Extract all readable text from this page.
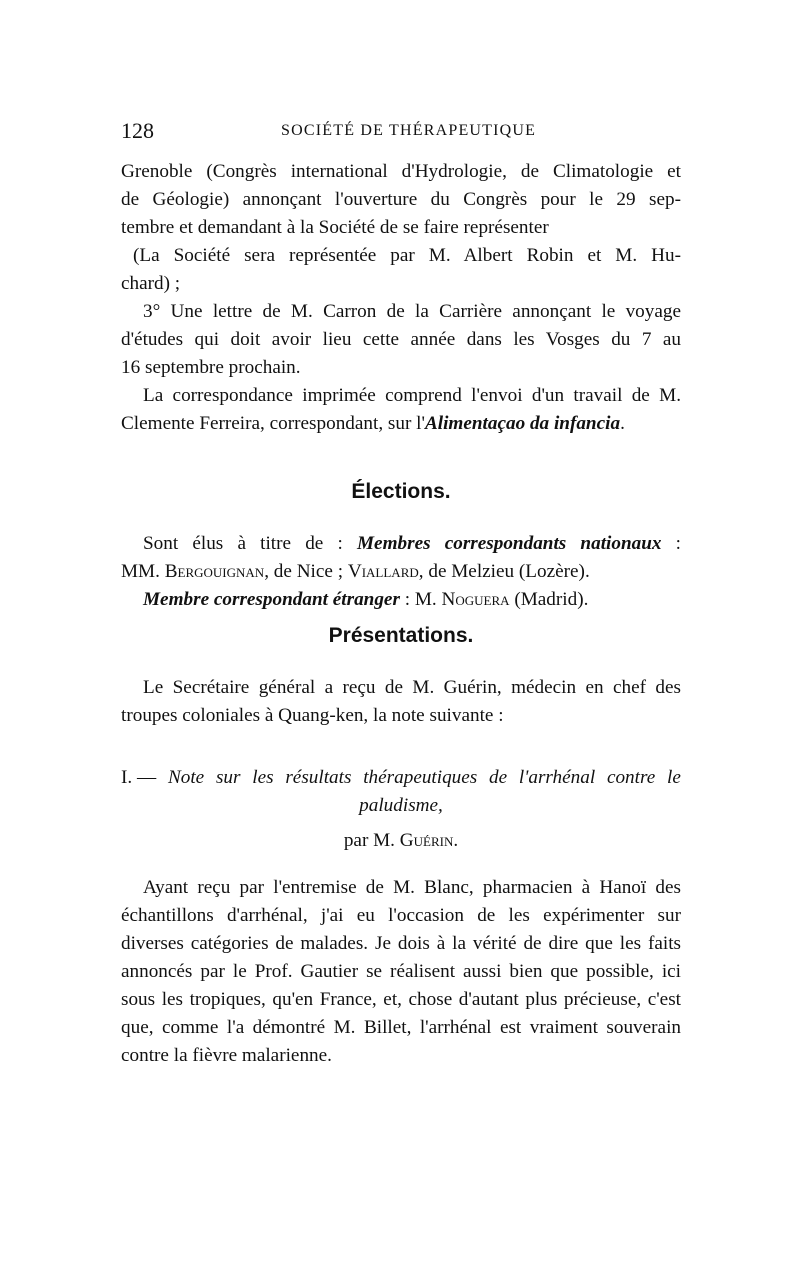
128	SOCIÉTÉ DE THÉRAPEUTIQUE

Grenoble (Congrès international d'Hydrologie, de Climatologie et

de Géologie) annonçant l'ouverture du Congrès pour le 29 sep-

tembre et demandant à la Société de se faire représenter

(La Société sera représentée par M. Albert Robin et M. Hu-

chard) ;

3° Une lettre de M. Carron de la Carrière annonçant le voyage

d'études qui doit avoir lieu cette année dans les Vosges du 7 au

16 septembre prochain.

La correspondance imprimée comprend l'envoi d'un travail de M. Clemente Ferreira, correspondant, sur l'Alimentaçao da infancia.

Élections.

Sont élus à titre de : Membres correspondants nationaux :

MM. Bergouignan, de Nice ; Viallard, de Melzieu (Lozère).

Membre correspondant étranger : M. Noguera (Madrid).

Présentations.

Le Secrétaire général a reçu de M. Guérin, médecin en chef des troupes coloniales à Quang-ken, la note suivante :

I. — Note sur les résultats thérapeutiques de l'arrhénal contre le
paludisme,
par M. Guérin.

Ayant reçu par l'entremise de M. Blanc, pharmacien à Hanoï des échantillons d'arrhénal, j'ai eu l'occasion de les expérimenter sur diverses catégories de malades. Je dois à la vérité de dire que les faits annoncés par le Prof. Gautier se réalisent aussi bien que possible, ici sous les tropiques, qu'en France, et, chose d'autant plus précieuse, c'est que, comme l'a démontré M. Billet, l'arrhénal est vraiment souverain contre la fièvre malarienne.
